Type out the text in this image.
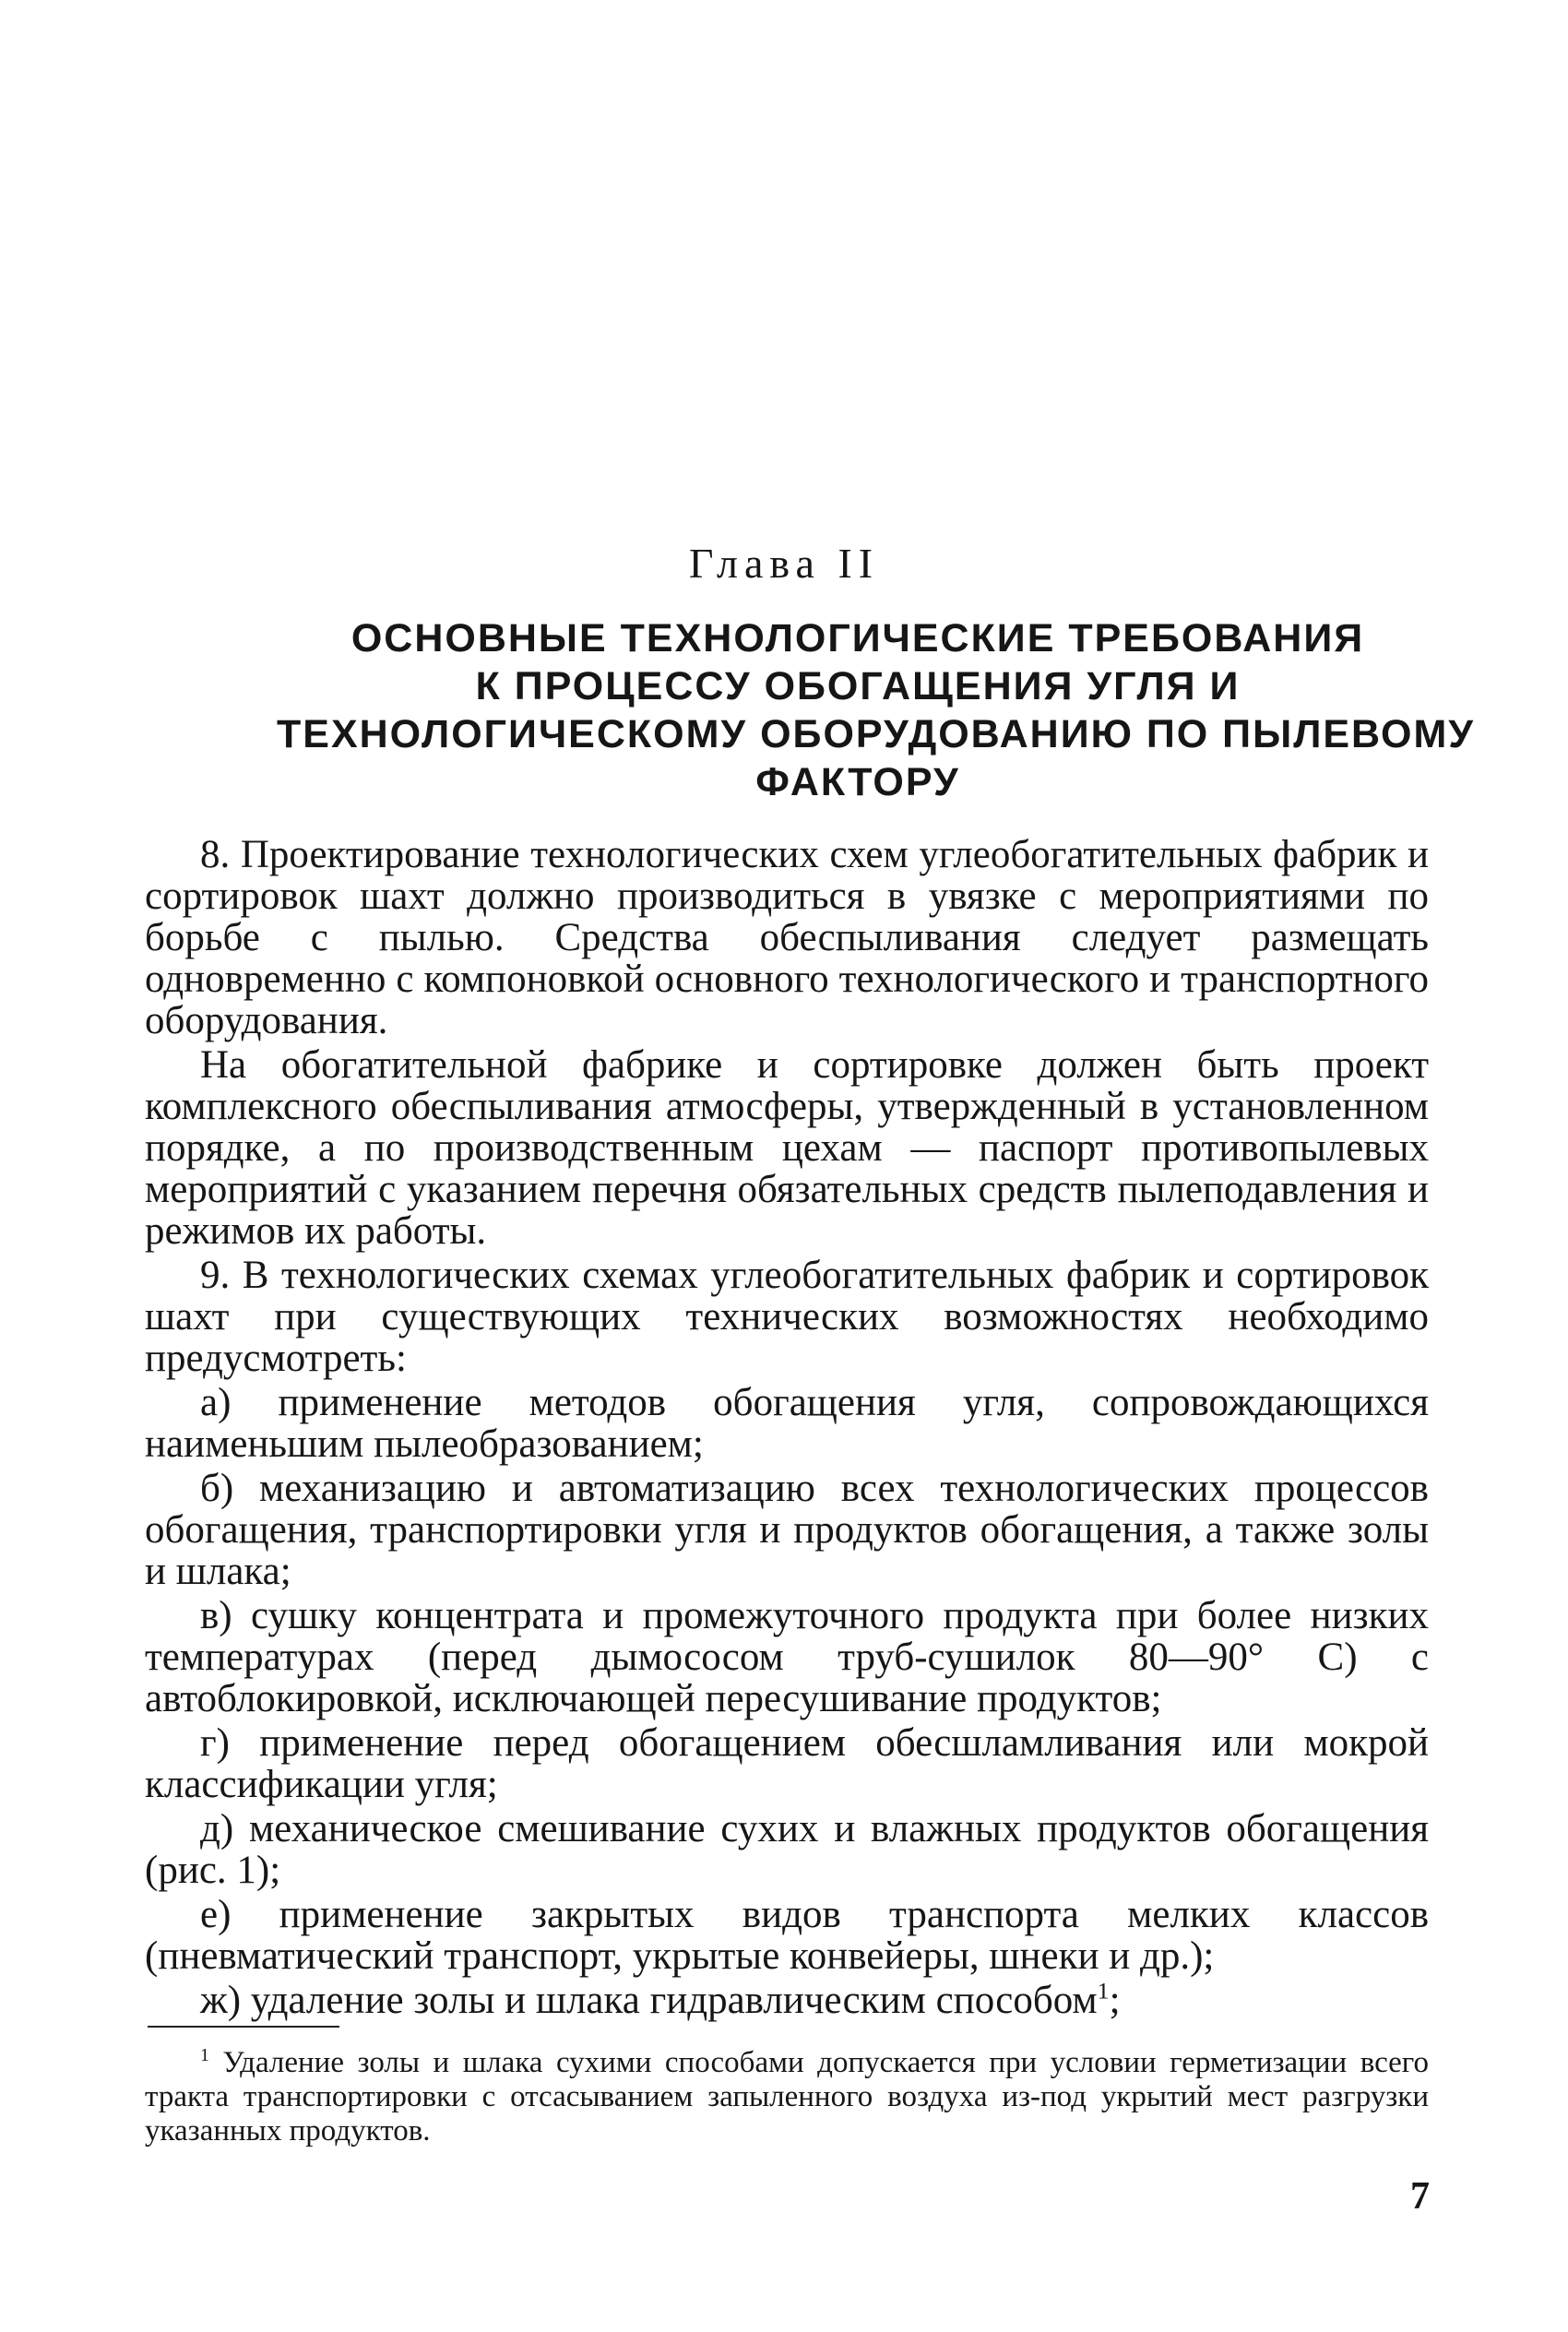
Глава II
ОСНОВНЫЕ ТЕХНОЛОГИЧЕСКИЕ ТРЕБОВАНИЯ
К ПРОЦЕССУ ОБОГАЩЕНИЯ УГЛЯ И
ТЕХНОЛОГИЧЕСКОМУ ОБОРУДОВАНИЮ ПО ПЫЛЕВОМУ
ФАКТОРУ

8. Проектирование технологических схем углеобогатительных фабрик и сортировок шахт должно производиться в увязке с мероприятиями по борьбе с пылью. Средства обеспыливания следует размещать одновременно с компоновкой основного технологического и транспортного оборудования.

На обогатительной фабрике и сортировке должен быть проект комплексного обеспыливания атмосферы, утвержденный в установленном порядке, а по производственным цехам — паспорт противопылевых мероприятий с указанием перечня обязательных средств пылеподавления и режимов их работы.

9. В технологических схемах углеобогатительных фабрик и сортировок шахт при существующих технических возможностях необходимо предусмотреть:

а) применение методов обогащения угля, сопровождающихся наименьшим пылеобразованием;

б) механизацию и автоматизацию всех технологических процессов обогащения, транспортировки угля и продуктов обогащения, а также золы и шлака;

в) сушку концентрата и промежуточного продукта при более низких температурах (перед дымососом труб-сушилок 80—90° С) с автоблокировкой, исключающей пересушивание продуктов;

г) применение перед обогащением обесшламливания или мокрой классификации угля;

д) механическое смешивание сухих и влажных продуктов обогащения (рис. 1);

е) применение закрытых видов транспорта мелких классов (пневматический транспорт, укрытые конвейеры, шнеки и др.);

ж) удаление золы и шлака гидравлическим способом$^1$;

$^1$ Удаление золы и шлака сухими способами допускается при условии герметизации всего тракта транспортировки с отсасыванием запыленного воздуха из-под укрытий мест разгрузки указанных продуктов.
7
